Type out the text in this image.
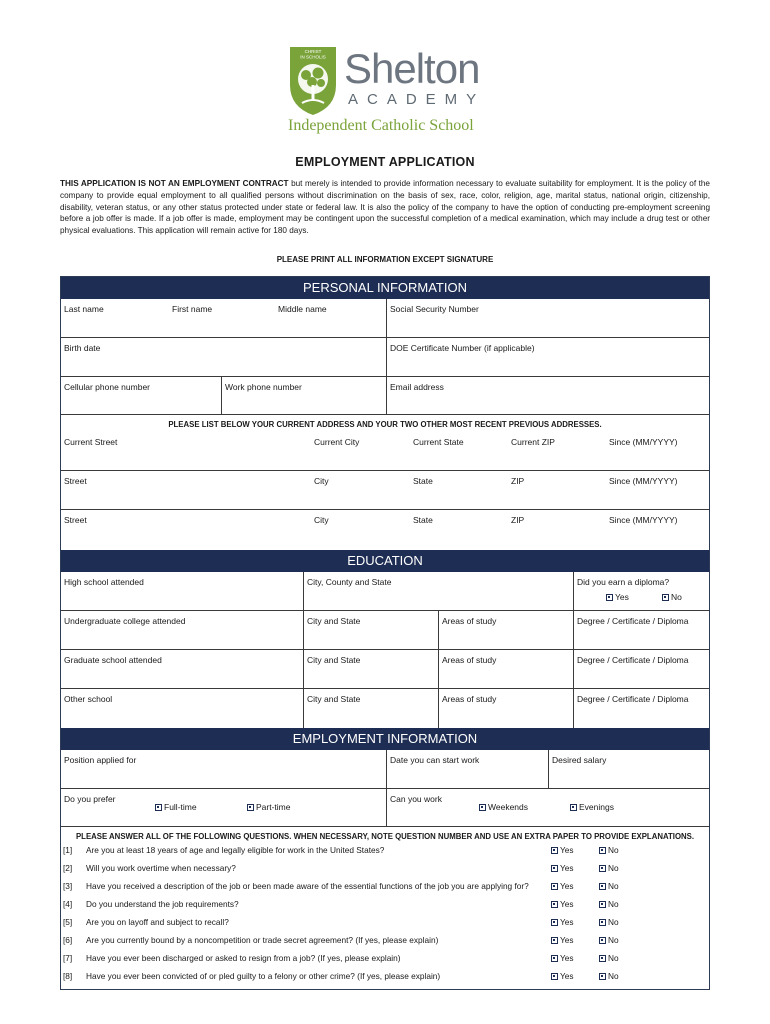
CHRIST
IN SCHOLIS Shelton
ACADEMY
Independent Catholic School
EMPLOYMENT APPLICATION
THIS APPLICATION IS NOT AN EMPLOYMENT CONTRACT but merely is intended to provide information necessary to evaluate suitability for employment. It is the policy of the company to provide equal employment to all qualified persons without discrimination on the basis of sex, race, color, religion, age, marital status, national origin, citizenship, disability, veteran status, or any other status protected under state or federal law. It is also the policy of the company to have the option of conducting pre-employment screening before a job offer is made. If a job offer is made, employment may be contingent upon the successful completion of a medical examination, which may include a drug test or other physical evaluations. This application will remain active for 180 days.
PLEASE PRINT ALL INFORMATION EXCEPT SIGNATURE
PERSONAL INFORMATION
Last name	First name	Middle name	Social Security Number
Birth date	DOE Certificate Number (if applicable)
Cellular phone number	Work phone number	Email address
PLEASE LIST BELOW YOUR CURRENT ADDRESS AND YOUR TWO OTHER MOST RECENT PREVIOUS ADDRESSES.
Current Street	Current City	Current State	Current ZIP	Since (MM/YYYY)
Street	City	State	ZIP	Since (MM/YYYY)
Street	City	State	ZIP	Since (MM/YYYY)
EDUCATION
High school attended	City, County and State	Did you earn a diploma?
Yes	No
Undergraduate college attended	City and State	Areas of study	Degree / Certificate / Diploma
Graduate school attended	City and State	Areas of study	Degree / Certificate / Diploma
Other school	City and State	Areas of study	Degree / Certificate / Diploma
EMPLOYMENT INFORMATION
Position applied for	Date you can start work	Desired salary
Do you prefer
Full-time	Part-time
Can you work
Weekends	Evenings
PLEASE ANSWER ALL OF THE FOLLOWING QUESTIONS. WHEN NECESSARY, NOTE QUESTION NUMBER AND USE AN EXTRA PAPER TO PROVIDE EXPLANATIONS.
[1] Are you at least 18 years of age and legally eligible for work in the United States?	Yes	No
[2] Will you work overtime when necessary?	Yes	No
[3] Have you received a description of the job or been made aware of the essential functions of the job you are applying for?	Yes	No
[4] Do you understand the job requirements?	Yes	No
[5] Are you on layoff and subject to recall?	Yes	No
[6] Are you currently bound by a noncompetition or trade secret agreement? (If yes, please explain)	Yes	No
[7] Have you ever been discharged or asked to resign from a job? (If yes, please explain)	Yes	No
[8] Have you ever been convicted of or pled guilty to a felony or other crime? (If yes, please explain)	Yes	No
